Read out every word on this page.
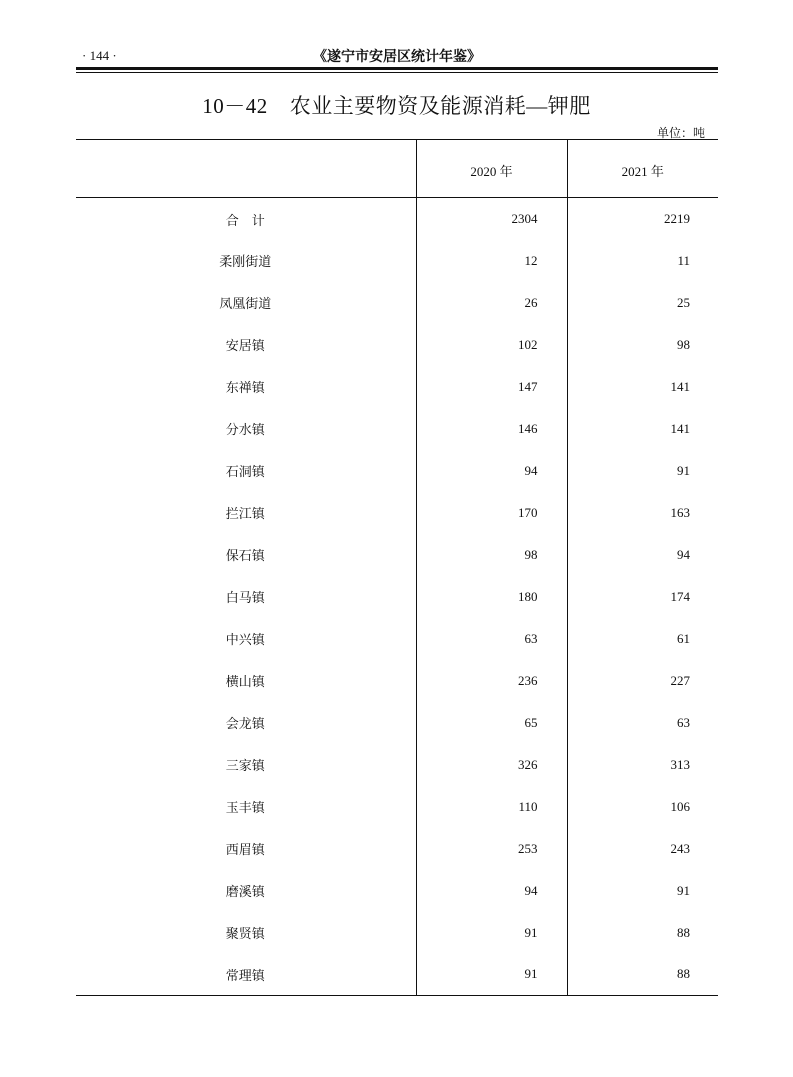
· 144 ·	《遂宁市安居区统计年鉴》
10－42 农业主要物资及能源消耗—钾肥
单位：吨
	2020 年	2021 年
合　计	2304	2219
柔刚街道	12	11
凤凰街道	26	25
安居镇	102	98
东禅镇	147	141
分水镇	146	141
石洞镇	94	91
拦江镇	170	163
保石镇	98	94
白马镇	180	174
中兴镇	63	61
横山镇	236	227
会龙镇	65	63
三家镇	326	313
玉丰镇	110	106
西眉镇	253	243
磨溪镇	94	91
聚贤镇	91	88
常理镇	91	88
